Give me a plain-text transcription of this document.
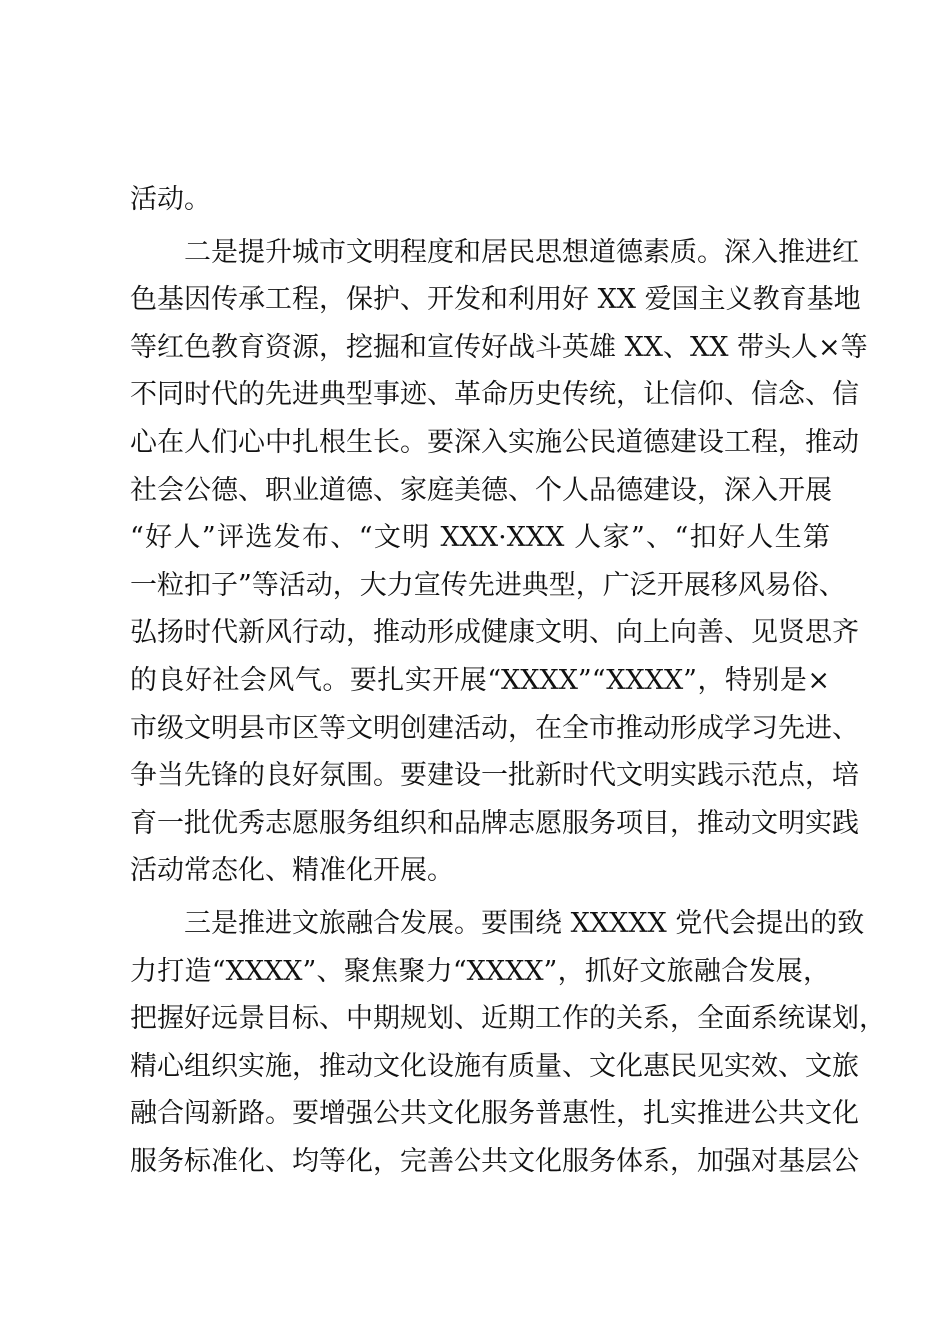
活动。
二是提升城市文明程度和居民思想道德素质。深入推进红
色基因传承工程，保护、开发和利用好 XX 爱国主义教育基地
等红色教育资源，挖掘和宣传好战斗英雄 XX、XX 带头人×等
不同时代的先进典型事迹、革命历史传统，让信仰、信念、信
心在人们心中扎根生长。要深入实施公民道德建设工程，推动
社会公德、职业道德、家庭美德、个人品德建设，深入开展
“好人”评选发布、“文明 XXX·XXX 人家”、“扣好人生第
一粒扣子”等活动，大力宣传先进典型，广泛开展移风易俗、
弘扬时代新风行动，推动形成健康文明、向上向善、见贤思齐
的良好社会风气。要扎实开展“XXXX”“XXXX”，特别是×
市级文明县市区等文明创建活动，在全市推动形成学习先进、
争当先锋的良好氛围。要建设一批新时代文明实践示范点，培
育一批优秀志愿服务组织和品牌志愿服务项目，推动文明实践
活动常态化、精准化开展。
三是推进文旅融合发展。要围绕 XXXXX 党代会提出的致
力打造“XXXX”、聚焦聚力“XXXX”，抓好文旅融合发展，
把握好远景目标、中期规划、近期工作的关系，全面系统谋划，
精心组织实施，推动文化设施有质量、文化惠民见实效、文旅
融合闯新路。要增强公共文化服务普惠性，扎实推进公共文化
服务标准化、均等化，完善公共文化服务体系，加强对基层公
